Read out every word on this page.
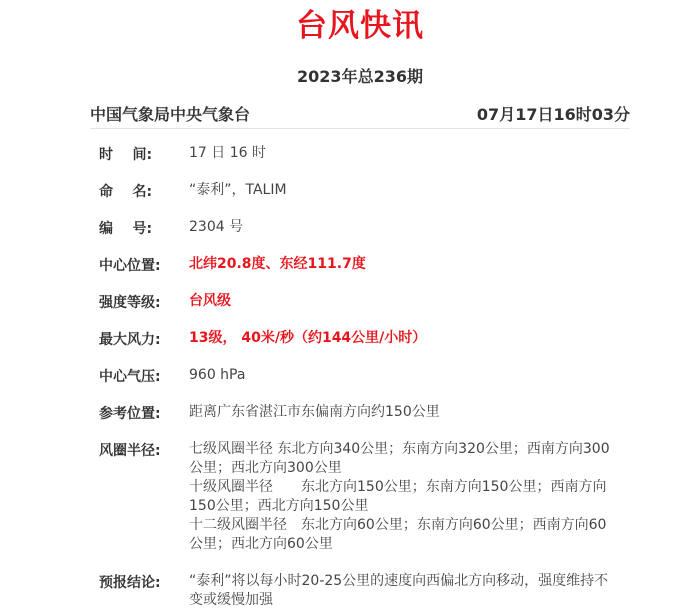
台风快讯
2023年总236期
中国气象局中央气象台	07月17日16时03分
时    间:	17 日 16 时
命    名:	“泰利”，TALIM
编    号:	2304 号
中心位置: 北纬20.8度、东经111.7度
强度等级: 台风级
最大风力: 13级， 40米/秒（约144公里/小时）
中心气压: 960 hPa
参考位置: 距离广东省湛江市东偏南方向约150公里
风圈半径: 七级风圈半径 东北方向340公里；东南方向320公里；西南方向300公里；西北方向300公里
十级风圈半径　　东北方向150公里；东南方向150公里；西南方向150公里；西北方向150公里
十二级风圈半径　东北方向60公里；东南方向60公里；西南方向60公里；西北方向60公里
预报结论: “泰利”将以每小时20-25公里的速度向西偏北方向移动，强度维持不变或缓慢加强
